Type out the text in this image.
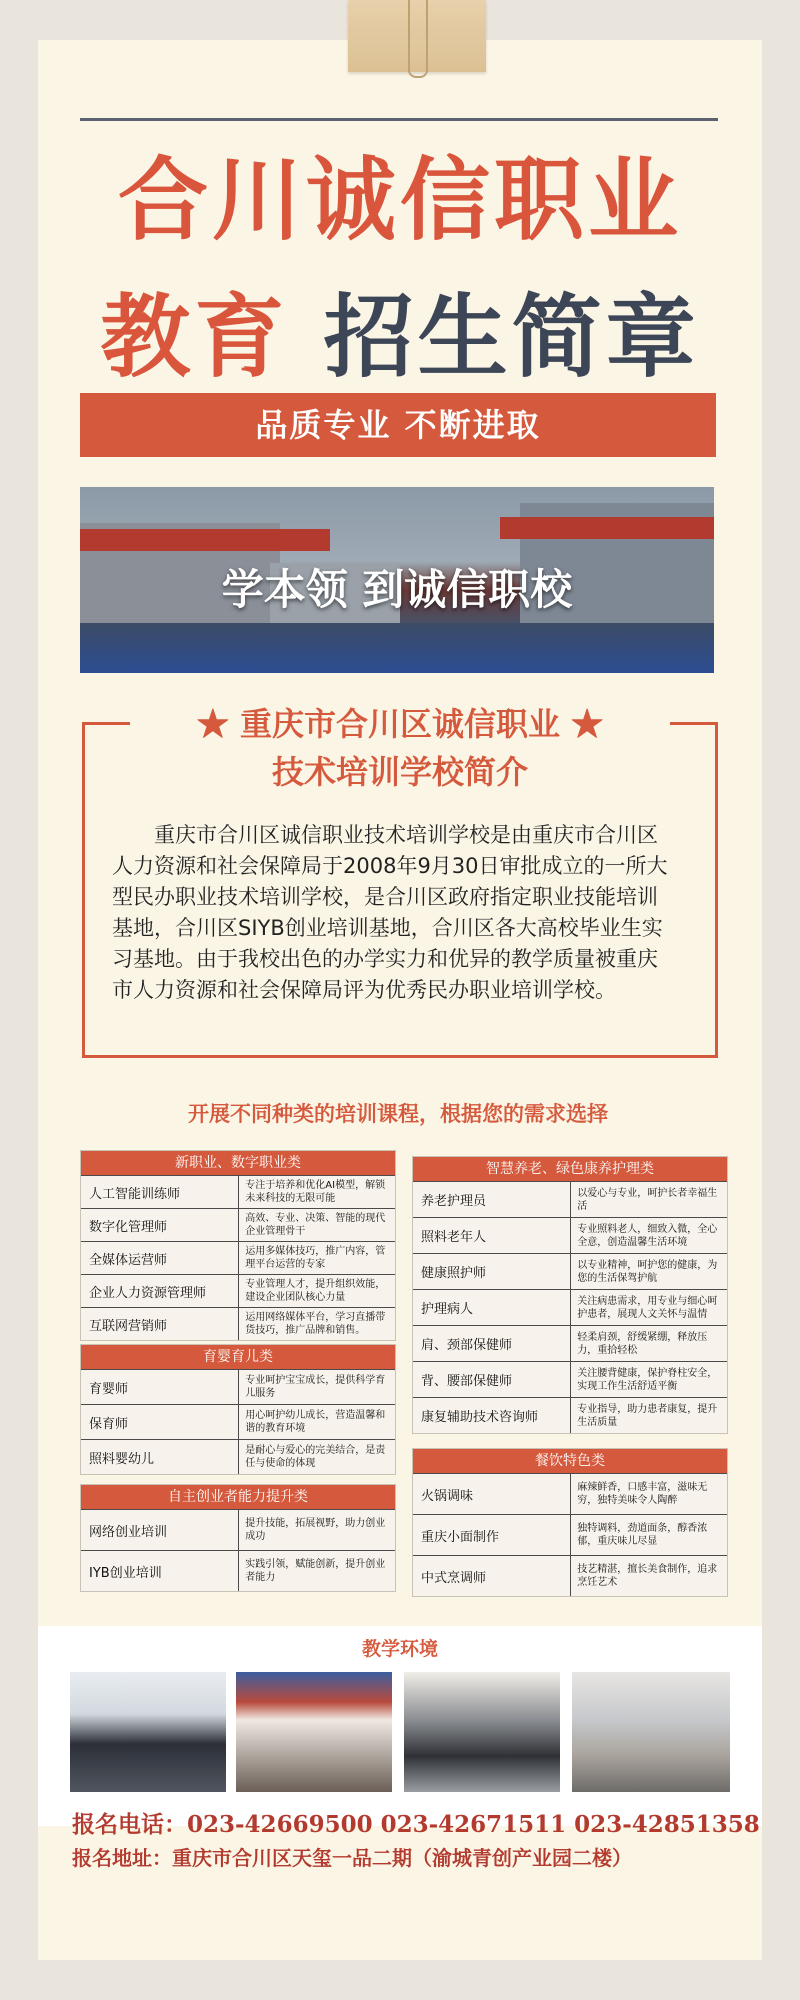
合川诚信职业
教育 招生简章
品质专业 不断进取
学本领 到诚信职校
★ 重庆市合川区诚信职业 ★
技术培训学校简介
重庆市合川区诚信职业技术培训学校是由重庆市合川区人力资源和社会保障局于2008年9月30日审批成立的一所大型民办职业技术培训学校，是合川区政府指定职业技能培训基地，合川区SIYB创业培训基地，合川区各大高校毕业生实习基地。由于我校出色的办学实力和优异的教学质量被重庆市人力资源和社会保障局评为优秀民办职业培训学校。
开展不同种类的培训课程，根据您的需求选择
新职业、数字职业类
人工智能训练师
专注于培养和优化AI模型，解锁未来科技的无限可能
数字化管理师
高效、专业、决策、智能的现代企业管理骨干
全媒体运营师
运用多媒体技巧，推广内容，管理平台运营的专家
企业人力资源管理师
专业管理人才，提升组织效能，建设企业团队核心力量
互联网营销师
运用网络媒体平台，学习直播带货技巧，推广品牌和销售。
育婴育儿类
育婴师
专业呵护宝宝成长，提供科学育儿服务
保育师
用心呵护幼儿成长，营造温馨和谐的教育环境
照料婴幼儿
是耐心与爱心的完美结合，是责任与使命的体现
自主创业者能力提升类
网络创业培训
提升技能，拓展视野，助力创业成功
IYB创业培训
实践引领，赋能创新，提升创业者能力
智慧养老、绿色康养护理类
养老护理员
以爱心与专业，呵护长者幸福生活
照料老年人
专业照料老人，细致入微，全心全意，创造温馨生活环境
健康照护师
以专业精神，呵护您的健康，为您的生活保驾护航
护理病人
关注病患需求，用专业与细心呵护患者，展现人文关怀与温情
肩、颈部保健师
轻柔肩颈，舒缓紧绷，释放压力，重拾轻松
背、腰部保健师
关注腰背健康，保护脊柱安全，实现工作生活舒适平衡
康复辅助技术咨询师
专业指导，助力患者康复，提升生活质量
餐饮特色类
火锅调味
麻辣鲜香，口感丰富，滋味无穷，独特美味令人陶醉
重庆小面制作
独特调料，劲道面条，醇香浓郁，重庆味儿尽显
中式烹调师
技艺精湛，擅长美食制作，追求烹饪艺术
教学环境
报名电话：023-42669500 023-42671511 023-42851358
报名地址：重庆市合川区天玺一品二期（渝城青创产业园二楼）
